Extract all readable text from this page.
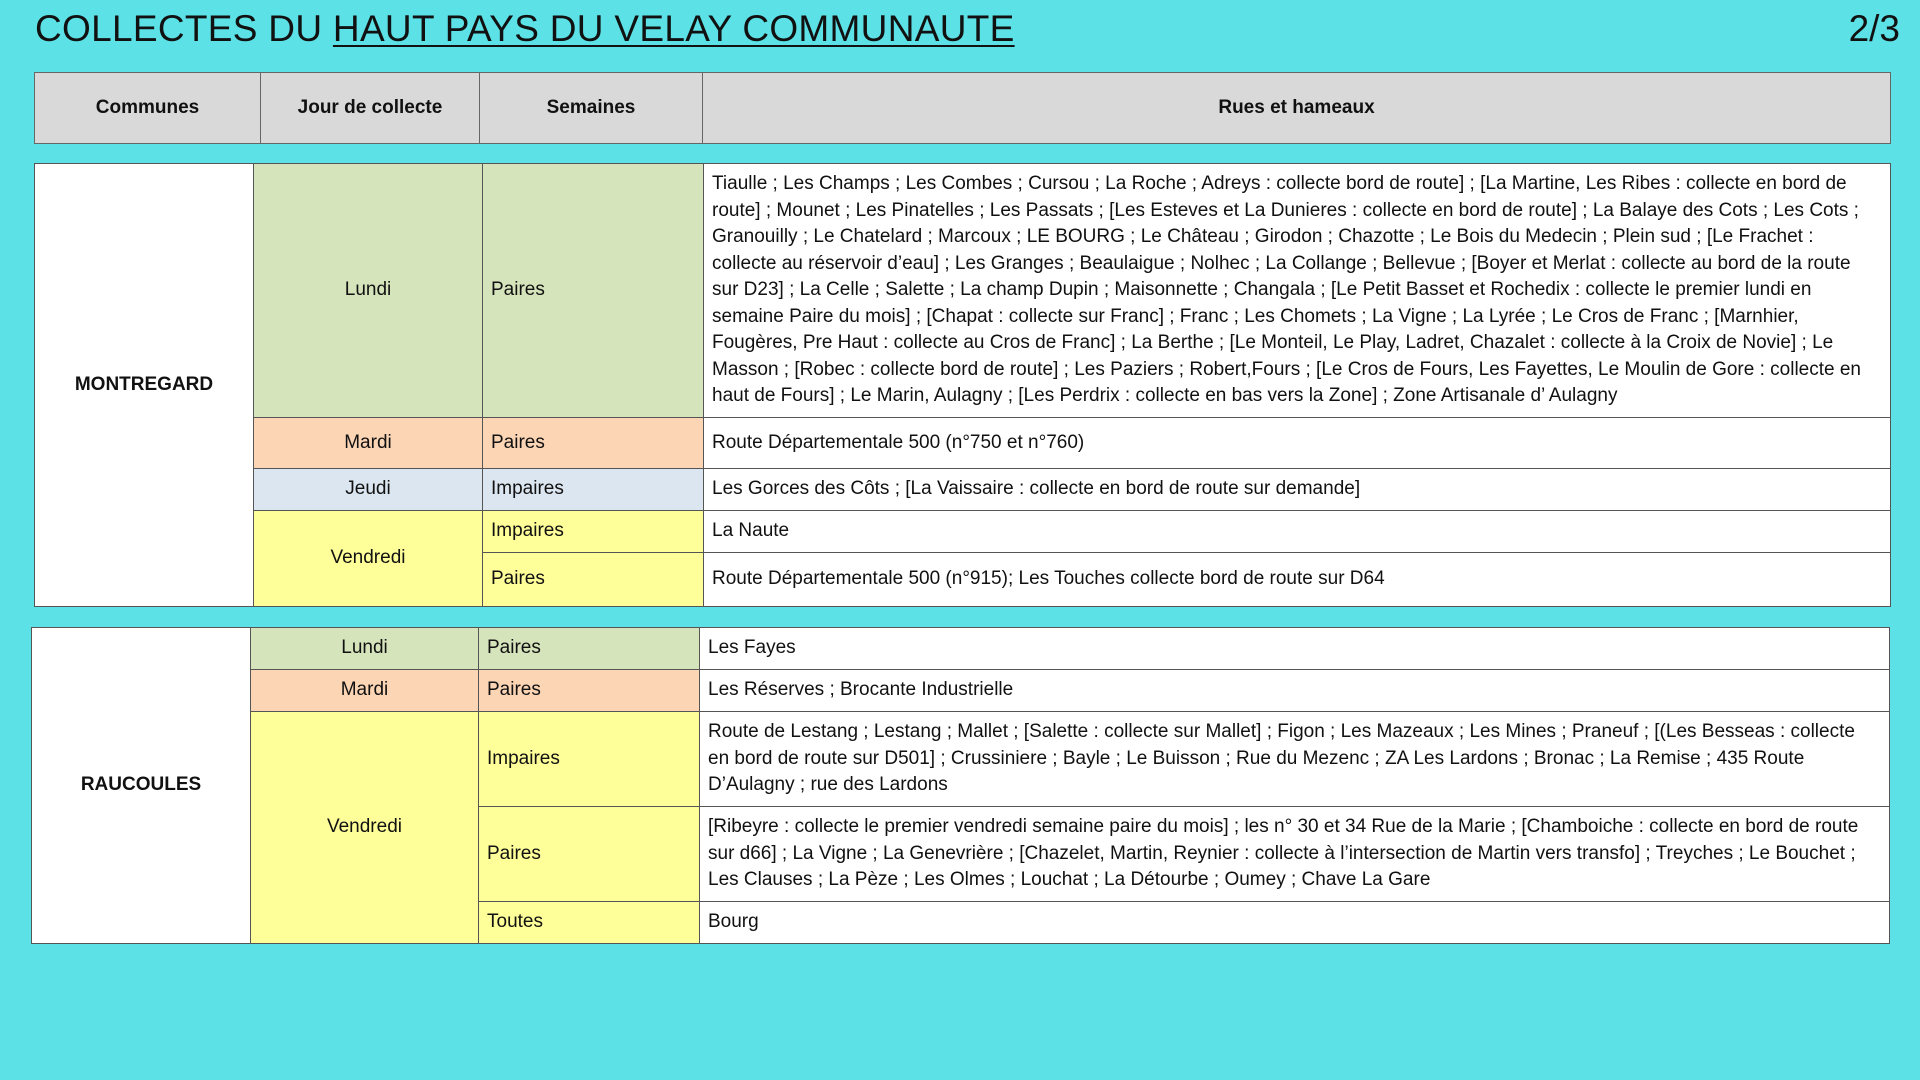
COLLECTES DU HAUT PAYS DU VELAY COMMUNAUTE	2/3
Communes	Jour de collecte	Semaines	Rues et hameaux
MONTREGARD	Lundi	Paires	Tiaulle ; Les Champs ; Les Combes ; Cursou ; La Roche ; Adreys : collecte bord de route] ; [La Martine, Les Ribes : collecte en bord de route] ; Mounet ; Les Pinatelles ; Les Passats ; [Les Esteves et La Dunieres : collecte en bord de route] ; La Balaye des Cots ; Les Cots ; Granouilly ; Le Chatelard ; Marcoux ; LE BOURG ; Le Château ; Girodon ; Chazotte ; Le Bois du Medecin ; Plein sud ; [Le Frachet : collecte au réservoir d’eau] ; Les Granges ; Beaulaigue ; Nolhec ; La Collange ; Bellevue ; [Boyer et Merlat : collecte au bord de la route sur D23] ; La Celle ; Salette ; La champ Dupin ; Maisonnette ; Changala ; [Le Petit Basset et Rochedix : collecte le premier lundi en semaine Paire du mois] ; [Chapat : collecte sur Franc] ; Franc ; Les Chomets ; La Vigne ; La Lyrée ; Le Cros de Franc ; [Marnhier, Fougères, Pre Haut : collecte au Cros de Franc] ; La Berthe ; [Le Monteil, Le Play, Ladret, Chazalet : collecte à la Croix de Novie] ; Le Masson ; [Robec : collecte bord de route] ; Les Paziers ; Robert,Fours ; [Le Cros de Fours, Les Fayettes, Le Moulin de Gore : collecte en haut de Fours] ; Le Marin, Aulagny ; [Les Perdrix : collecte en bas vers la Zone] ; Zone Artisanale d’ Aulagny
	Mardi	Paires	Route Départementale 500 (n°750 et n°760)
	Jeudi	Impaires	Les Gorces des Côts ; [La Vaissaire : collecte en bord de route sur demande]
	Vendredi	Impaires	La Naute
		Paires	Route Départementale 500 (n°915); Les Touches collecte bord de route sur D64
RAUCOULES	Lundi	Paires	Les Fayes
	Mardi	Paires	Les Réserves ; Brocante Industrielle
	Vendredi	Impaires	Route de Lestang ; Lestang ; Mallet ; [Salette : collecte sur Mallet] ; Figon ; Les Mazeaux ; Les Mines ; Praneuf ; [(Les Besseas : collecte en bord de route sur D501] ; Crussiniere ; Bayle ; Le Buisson ; Rue du Mezenc ; ZA Les Lardons ; Bronac ; La Remise ; 435 Route D’Aulagny ; rue des Lardons
		Paires	[Ribeyre : collecte le premier vendredi semaine paire du mois] ; les n° 30 et 34 Rue de la Marie ; [Chamboiche : collecte en bord de route sur d66] ; La Vigne ; La Genevrière ; [Chazelet, Martin, Reynier : collecte à l’intersection de Martin vers transfo] ; Treyches ; Le Bouchet ; Les Clauses ; La Pèze ; Les Olmes ; Louchat ; La Détourbe ; Oumey ; Chave La Gare
		Toutes	Bourg
